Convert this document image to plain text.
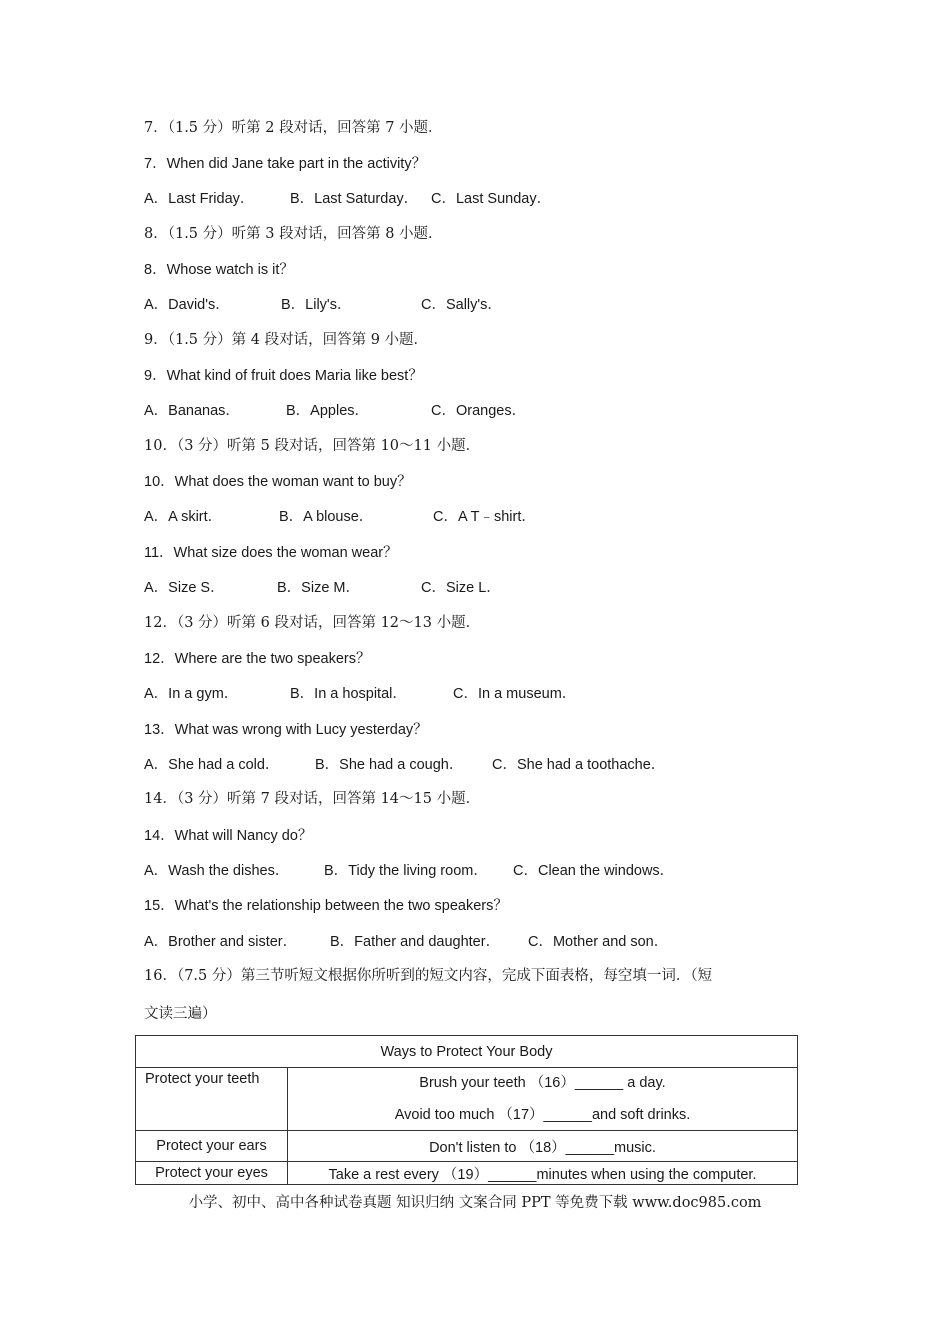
7．（1.5 分）听第 2 段对话，回答第 7 小题．
7．When did Jane take part in the activity？
A．Last Friday． B．Last Saturday． C．Last Sunday．
8．（1.5 分）听第 3 段对话，回答第 8 小题．
8．Whose watch is it？
A．David's．	B．Lily's．	C．Sally's．
9．（1.5 分）第 4 段对话，回答第 9 小题．
9．What kind of fruit does Maria like best？
A．Bananas．	B．Apples．	C．Oranges．
10．（3 分）听第 5 段对话，回答第 10～11 小题．
10．What does the woman want to buy？
A．A skirt．	B．A blouse．	C．A T﹣shirt．
11．What size does the woman wear？
A．Size S．	B．Size M．	C．Size L．
12．（3 分）听第 6 段对话，回答第 12～13 小题．
12．Where are the two speakers？
A．In a gym．	B．In a hospital．	C．In a museum．
13．What was wrong with Lucy yesterday？
A．She had a cold． B．She had a cough． C．She had a toothache．
14．（3 分）听第 7 段对话，回答第 14～15 小题．
14．What will Nancy do？
A．Wash the dishes． B．Tidy the living room． C．Clean the windows．
15．What's the relationship between the two speakers？
A．Brother and sister． B．Father and daughter． C．Mother and son．
16．（7.5 分）第三节听短文根据你所听到的短文内容，完成下面表格，每空填一词．（短
文读三遍）
Ways to Protect Your Body	
Protect your teeth	Brush your teeth （16）______ a day.
Avoid too much （17）______and soft drinks.

Protect your ears	Don't listen to （18）______music.
Protect your eyes	Take a rest every （19）______minutes when using the computer.
小学、初中、高中各种试卷真题 知识归纳 文案合同 PPT 等免费下载 www.doc985.com
